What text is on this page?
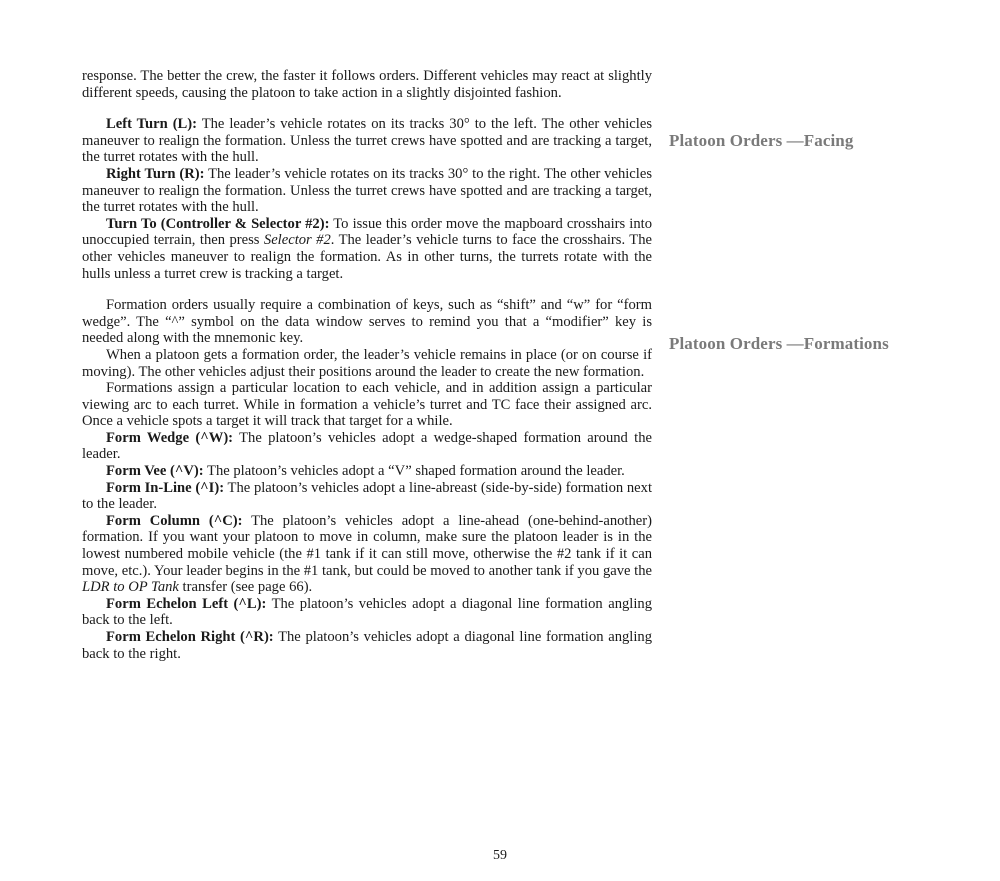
Platoon Orders —Facing
Platoon Orders —Formations

response. The better the crew, the faster it follows orders. Different vehicles may react at slightly different speeds, causing the platoon to take action in a slightly disjointed fashion.

Left Turn (L): The leader’s vehicle rotates on its tracks 30° to the left. The other vehicles maneuver to realign the formation. Unless the turret crews have spotted and are tracking a target, the turret rotates with the hull.

Right Turn (R): The leader’s vehicle rotates on its tracks 30° to the right. The other vehicles maneuver to realign the formation. Unless the turret crews have spotted and are tracking a target, the turret rotates with the hull.

Turn To (Controller & Selector #2): To issue this order move the mapboard crosshairs into unoccupied terrain, then press Selector #2. The leader’s vehicle turns to face the crosshairs. The other vehicles maneuver to realign the formation. As in other turns, the turrets rotate with the hulls unless a turret crew is tracking a target.

Formation orders usually require a combination of keys, such as “shift” and “w” for “form wedge”. The “^” symbol on the data window serves to remind you that a “modifier” key is needed along with the mnemonic key.

When a platoon gets a formation order, the leader’s vehicle remains in place (or on course if moving). The other vehicles adjust their positions around the leader to create the new formation.

Formations assign a particular location to each vehicle, and in addition assign a particular viewing arc to each turret. While in formation a vehicle’s turret and TC face their assigned arc. Once a vehicle spots a target it will track that target for a while.

Form Wedge (^W): The platoon’s vehicles adopt a wedge-shaped formation around the leader.

Form Vee (^V): The platoon’s vehicles adopt a “V” shaped formation around the leader.

Form In-Line (^I): The platoon’s vehicles adopt a line-abreast (side-by-side) formation next to the leader.

Form Column (^C): The platoon’s vehicles adopt a line-ahead (one-behind-another) formation. If you want your platoon to move in column, make sure the platoon leader is in the lowest numbered mobile vehicle (the #1 tank if it can still move, otherwise the #2 tank if it can move, etc.). Your leader begins in the #1 tank, but could be moved to another tank if you gave the LDR to OP Tank transfer (see page 66).

Form Echelon Left (^L): The platoon’s vehicles adopt a diagonal line formation angling back to the left.

Form Echelon Right (^R): The platoon’s vehicles adopt a diagonal line formation angling back to the right.

59
